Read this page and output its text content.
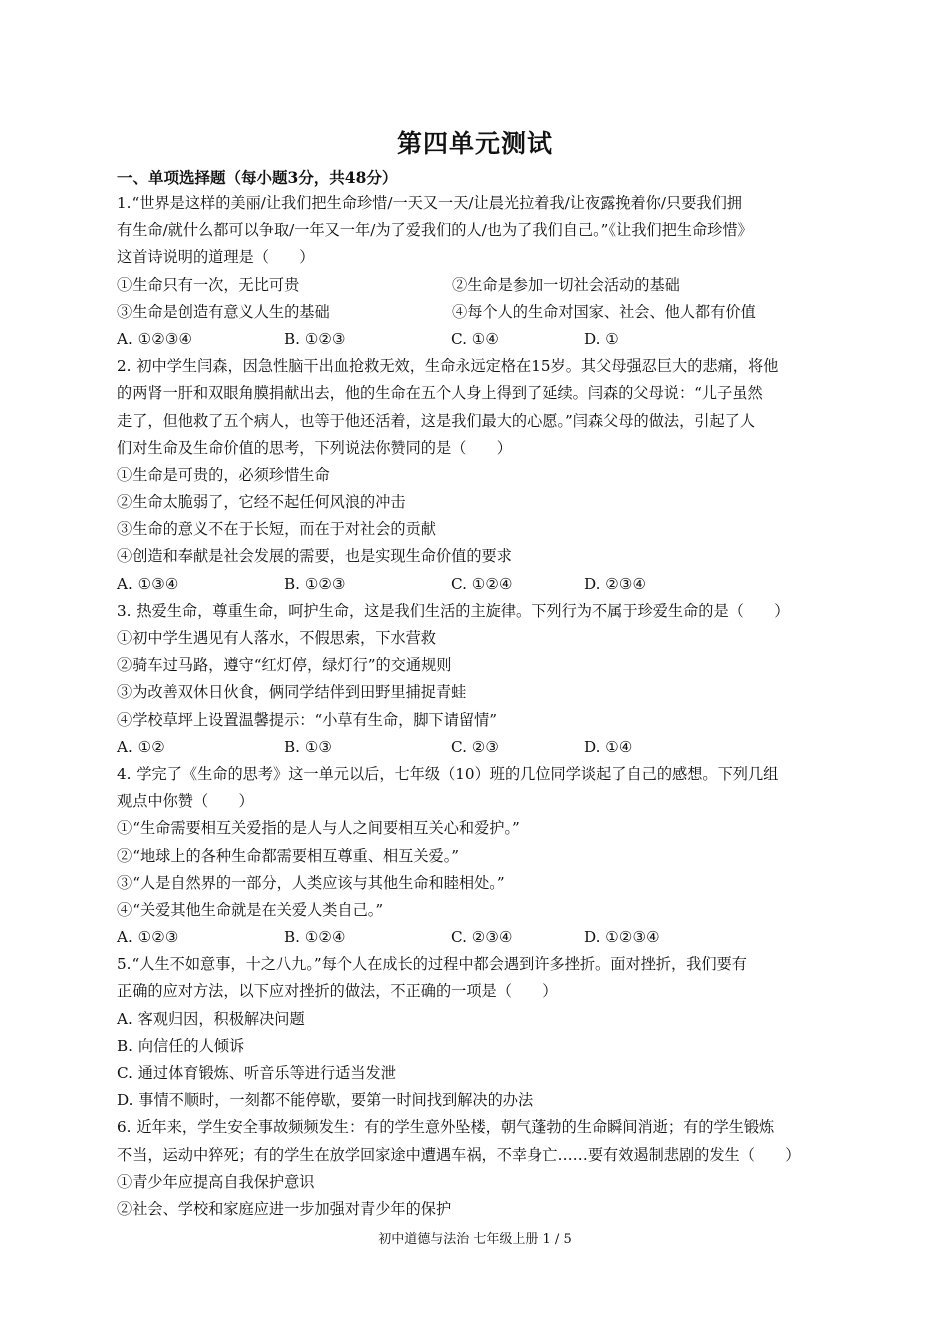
第四单元测试
一、单项选择题（每小题3分，共48分）
1.“世界是这样的美丽/让我们把生命珍惜/一天又一天/让晨光拉着我/让夜露挽着你/只要我们拥
有生命/就什么都可以争取/一年又一年/为了爱我们的人/也为了我们自己。”《让我们把生命珍惜》
这首诗说明的道理是（　　）
①生命只有一次，无比可贵	②生命是参加一切社会活动的基础
③生命是创造有意义人生的基础	④每个人的生命对国家、社会、他人都有价值
A. ①②③④	B. ①②③	C. ①④	D. ①
2. 初中学生闫森，因急性脑干出血抢救无效，生命永远定格在15岁。其父母强忍巨大的悲痛，将他
的两肾一肝和双眼角膜捐献出去，他的生命在五个人身上得到了延续。闫森的父母说：“儿子虽然
走了，但他救了五个病人，也等于他还活着，这是我们最大的心愿。”闫森父母的做法，引起了人
们对生命及生命价值的思考，下列说法你赞同的是（　　）
①生命是可贵的，必须珍惜生命
②生命太脆弱了，它经不起任何风浪的冲击
③生命的意义不在于长短，而在于对社会的贡献
④创造和奉献是社会发展的需要，也是实现生命价值的要求
A. ①③④	B. ①②③	C. ①②④	D. ②③④
3. 热爱生命，尊重生命，呵护生命，这是我们生活的主旋律。下列行为不属于珍爱生命的是（　　）
①初中学生遇见有人落水，不假思索，下水营救
②骑车过马路，遵守“红灯停，绿灯行”的交通规则
③为改善双休日伙食，俩同学结伴到田野里捕捉青蛙
④学校草坪上设置温馨提示：“小草有生命，脚下请留情”
A. ①②	B. ①③	C. ②③	D. ①④
4. 学完了《生命的思考》这一单元以后，七年级（10）班的几位同学谈起了自己的感想。下列几组
观点中你赞（　　）
①“生命需要相互关爱指的是人与人之间要相互关心和爱护。”
②“地球上的各种生命都需要相互尊重、相互关爱。”
③“人是自然界的一部分，人类应该与其他生命和睦相处。”
④“关爱其他生命就是在关爱人类自己。”
A. ①②③	B. ①②④	C. ②③④	D. ①②③④
5.“人生不如意事，十之八九。”每个人在成长的过程中都会遇到许多挫折。面对挫折，我们要有
正确的应对方法，以下应对挫折的做法，不正确的一项是（　　）
A. 客观归因，积极解决问题
B. 向信任的人倾诉
C. 通过体育锻炼、听音乐等进行适当发泄
D. 事情不顺时，一刻都不能停歇，要第一时间找到解决的办法
6. 近年来，学生安全事故频频发生：有的学生意外坠楼，朝气蓬勃的生命瞬间消逝；有的学生锻炼
不当，运动中猝死；有的学生在放学回家途中遭遇车祸，不幸身亡……要有效遏制悲剧的发生（　　）
①青少年应提高自我保护意识
②社会、学校和家庭应进一步加强对青少年的保护
初中道德与法治 七年级上册 1 / 5
